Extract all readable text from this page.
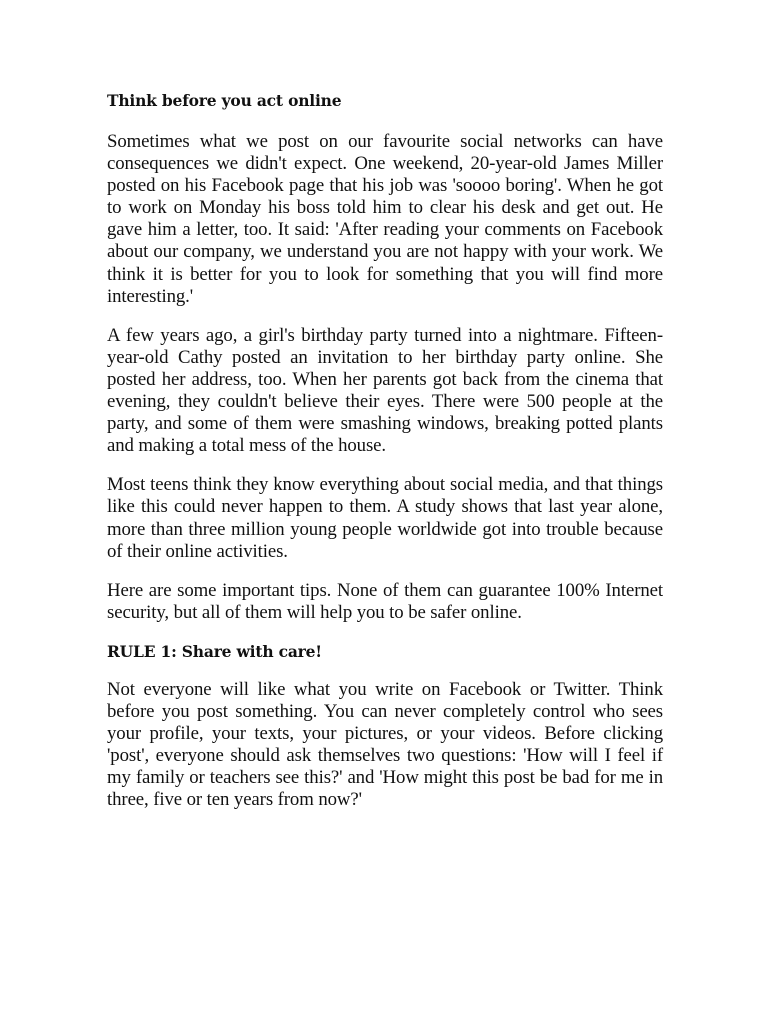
Think before you act online

Sometimes what we post on our favourite social networks can have consequences we didn't expect. One weekend, 20-year-old James Miller posted on his Facebook page that his job was 'soooo boring'. When he got to work on Monday his boss told him to clear his desk and get out. He gave him a letter, too. It said: 'After reading your comments on Facebook about our company, we understand you are not happy with your work. We think it is better for you to look for something that you will find more interesting.'

A few years ago, a girl's birthday party turned into a nightmare. Fifteen-year-old Cathy posted an invitation to her birthday party online. She posted her address, too. When her parents got back from the cinema that evening, they couldn't believe their eyes. There were 500 people at the party, and some of them were smashing windows, breaking potted plants and making a total mess of the house.

Most teens think they know everything about social media, and that things like this could never happen to them. A study shows that last year alone, more than three million young people worldwide got into trouble because of their online activities.

Here are some important tips. None of them can guarantee 100% Internet security, but all of them will help you to be safer online.

RULE 1: Share with care!

Not everyone will like what you write on Facebook or Twitter. Think before you post something. You can never completely control who sees your profile, your texts, your pictures, or your videos. Before clicking 'post', everyone should ask themselves two questions: 'How will I feel if my family or teachers see this?' and 'How might this post be bad for me in three, five or ten years from now?'
